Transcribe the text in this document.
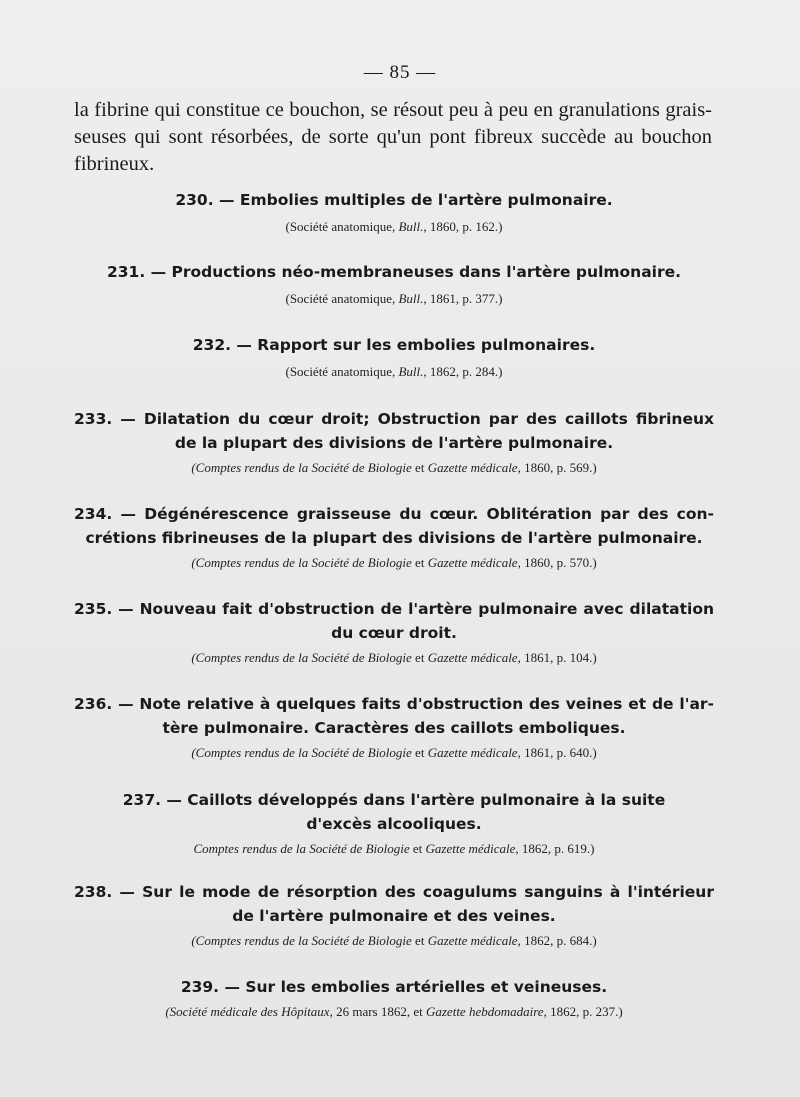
— 85 —
la fibrine qui constitue ce bouchon, se résout peu à peu en granulations grais-
seuses qui sont résorbées, de sorte qu'un pont fibreux succède au bouchon
fibrineux.
230. — Embolies multiples de l'artère pulmonaire.
(Société anatomique, Bull., 1860, p. 162.)
231. — Productions néo-membraneuses dans l'artère pulmonaire.
(Société anatomique, Bull., 1861, p. 377.)
232. — Rapport sur les embolies pulmonaires.
(Société anatomique, Bull., 1862, p. 284.)
233. — Dilatation du cœur droit; Obstruction par des caillots fibrineux
de la plupart des divisions de l'artère pulmonaire.
(Comptes rendus de la Société de Biologie et Gazette médicale, 1860, p. 569.)
234. — Dégénérescence graisseuse du cœur. Oblitération par des con-
crétions fibrineuses de la plupart des divisions de l'artère pulmonaire.
(Comptes rendus de la Société de Biologie et Gazette médicale, 1860, p. 570.)
235. — Nouveau fait d'obstruction de l'artère pulmonaire avec dilatation
du cœur droit.
(Comptes rendus de la Société de Biologie et Gazette médicale, 1861, p. 104.)
236. — Note relative à quelques faits d'obstruction des veines et de l'ar-
tère pulmonaire. Caractères des caillots emboliques.
(Comptes rendus de la Société de Biologie et Gazette médicale, 1861, p. 640.)
237. — Caillots développés dans l'artère pulmonaire à la suite
d'excès alcooliques.
Comptes rendus de la Société de Biologie et Gazette médicale, 1862, p. 619.)
238. — Sur le mode de résorption des coagulums sanguins à l'intérieur
de l'artère pulmonaire et des veines.
(Comptes rendus de la Société de Biologie et Gazette médicale, 1862, p. 684.)
239. — Sur les embolies artérielles et veineuses.
(Société médicale des Hôpitaux, 26 mars 1862, et Gazette hebdomadaire, 1862, p. 237.)
